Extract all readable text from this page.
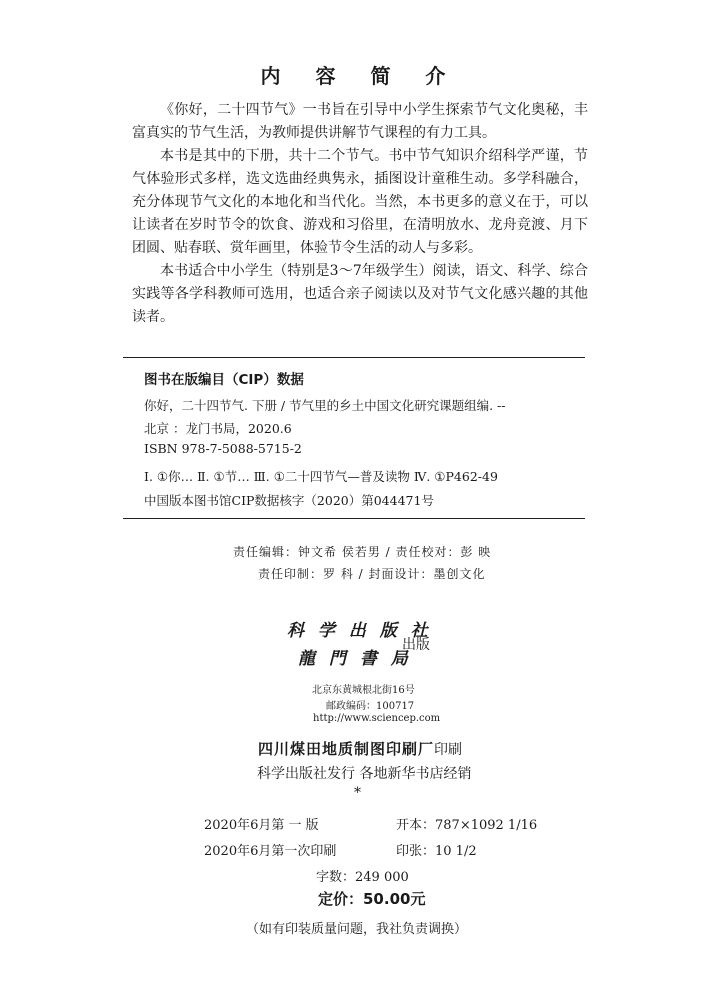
内 容 简 介

《你好，二十四节气》一书旨在引导中小学生探索节气文化奥秘，丰富真实的节气生活，为教师提供讲解节气课程的有力工具。

本书是其中的下册，共十二个节气。书中节气知识介绍科学严谨，节气体验形式多样，选文选曲经典隽永，插图设计童稚生动。多学科融合，充分体现节气文化的本地化和当代化。当然，本书更多的意义在于，可以让读者在岁时节令的饮食、游戏和习俗里，在清明放水、龙舟竞渡、月下团圆、贴春联、赏年画里，体验节令生活的动人与多彩。

本书适合中小学生（特别是3～7年级学生）阅读，语文、科学、综合实践等各学科教师可选用，也适合亲子阅读以及对节气文化感兴趣的其他读者。

图书在版编目（CIP）数据
你好，二十四节气. 下册 / 节气里的乡土中国文化研究课题组编. --
北京 ：龙门书局，2020.6
ISBN 978-7-5088-5715-2
Ⅰ. ①你… Ⅱ. ①节… Ⅲ. ①二十四节气—普及读物 Ⅳ. ①P462-49
中国版本图书馆CIP数据核字（2020）第044471号
责任编辑：钟文希 侯若男 / 责任校对：彭 映
责任印制：罗 科 / 封面设计：墨创文化
科 学 出 版 社
龍 門 書 局
出版
北京东黄城根北街16号
邮政编码：100717
http://www.sciencep.com
四川煤田地质制图印刷厂印刷
科学出版社发行 各地新华书店经销
*
2020年6月第 一 版	开本：787×1092 1/16
2020年6月第一次印刷	印张：10 1/2
字数：249 000
定价：50.00元
（如有印装质量问题，我社负责调换）
